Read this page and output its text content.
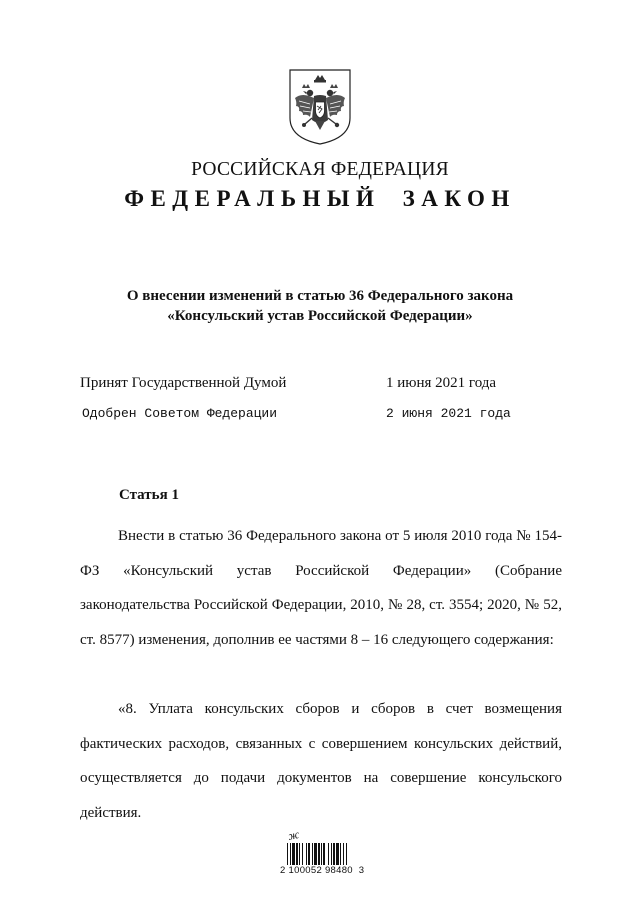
РОССИЙСКАЯ ФЕДЕРАЦИЯ
ФЕДЕРАЛЬНЫЙ ЗАКОН
О внесении изменений в статью 36 Федерального закона
«Консульский устав Российской Федерации»
Принят Государственной Думой	1 июня 2021 года
Одобрен Советом Федерации	2 июня 2021 года
Статья 1

Внести в статью 36 Федерального закона от 5 июля 2010 года № 154-ФЗ «Консульский устав Российской Федерации» (Собрание законодательства Российской Федерации, 2010, № 28, ст. 3554; 2020, № 52, ст. 8577) изменения, дополнив ее частями 8 – 16 следующего содержания:

«8. Уплата консульских сборов и сборов в счет возмещения фактических расходов, связанных с совершением консульских действий, осуществляется до подачи документов на совершение консульского действия.

ж
2 100052 98480  3
